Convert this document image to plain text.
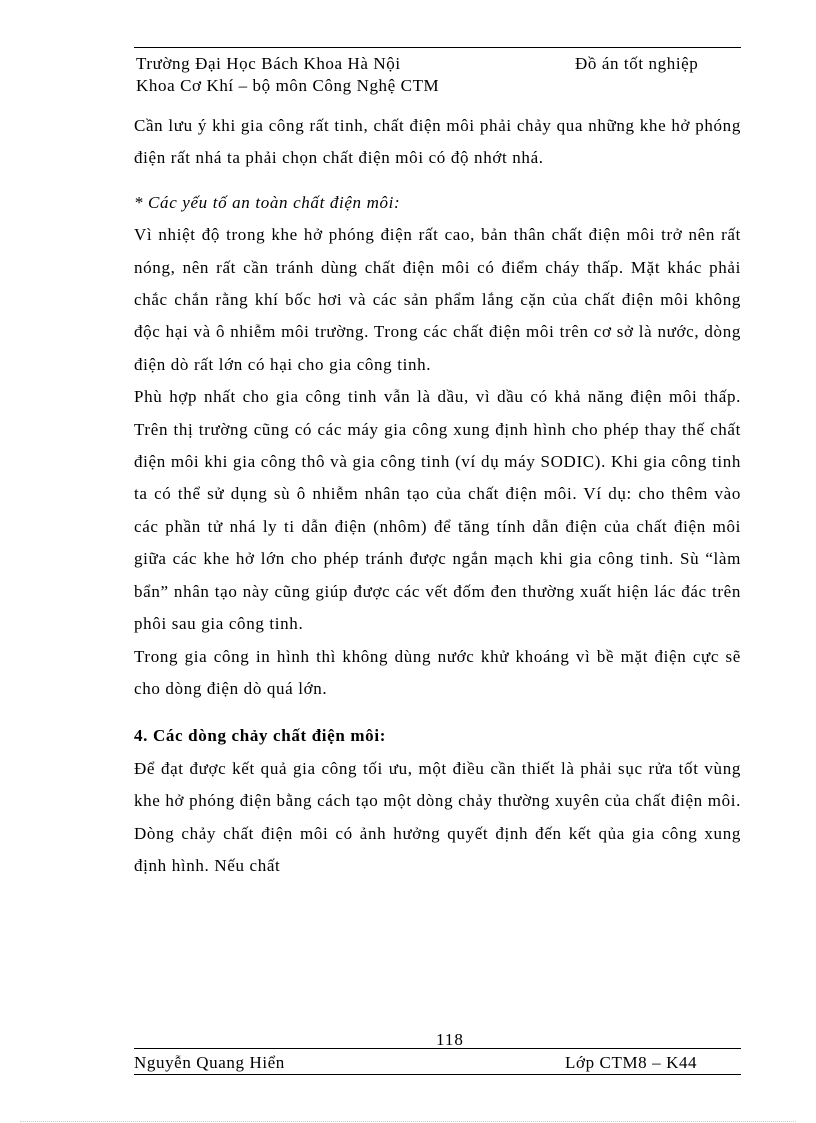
Trường Đại Học Bách Khoa Hà Nội	Đồ án tốt nghiệp
Khoa Cơ Khí – bộ môn Công Nghệ CTM

Cần lưu ý khi gia công rất tinh, chất điện môi phải chảy qua những khe hở phóng điện rất nhá ta phải chọn chất điện môi có độ nhớt nhá.

* Các yếu tố an toàn chất điện môi:

Vì nhiệt độ trong khe hở phóng điện rất cao, bản thân chất điện môi trở nên rất nóng, nên rất cần tránh dùng chất điện môi có điểm cháy thấp. Mặt khác phải chắc chắn rằng khí bốc hơi và các sản phẩm lắng cặn của chất điện môi không độc hại và ô nhiễm môi trường. Trong các chất điện môi trên cơ sở là nước, dòng điện dò rất lớn có hại cho gia công tinh.

Phù hợp nhất cho gia công tinh vẫn là dầu, vì dầu có khả năng điện môi thấp. Trên thị trường cũng có các máy gia công xung định hình cho phép thay thế chất điện môi khi gia công thô và gia công tinh (ví dụ máy SODIC). Khi gia công tinh ta có thể sử dụng sù ô nhiễm nhân tạo của chất điện môi. Ví dụ: cho thêm vào các phần tử nhá ly ti dẫn điện (nhôm) để tăng tính dẫn điện của chất điện môi giữa các khe hở lớn cho phép tránh được ngắn mạch khi gia công tinh. Sù “làm bẩn” nhân tạo này cũng giúp được các vết đốm đen thường xuất hiện lác đác trên phôi sau gia công tinh.

Trong gia công in hình thì không dùng nước khử khoáng vì bề mặt điện cực sẽ cho dòng điện dò quá lớn.

4. Các dòng chảy chất điện môi:

Để đạt được kết quả gia công tối ưu, một điều cần thiết là phải sục rửa tốt vùng khe hở phóng điện bằng cách tạo một dòng chảy thường xuyên của chất điện môi. Dòng chảy chất điện môi có ảnh hưởng quyết định đến kết qủa gia công xung định hình. Nếu chất

118
Nguyễn Quang Hiển	Lớp CTM8 – K44
